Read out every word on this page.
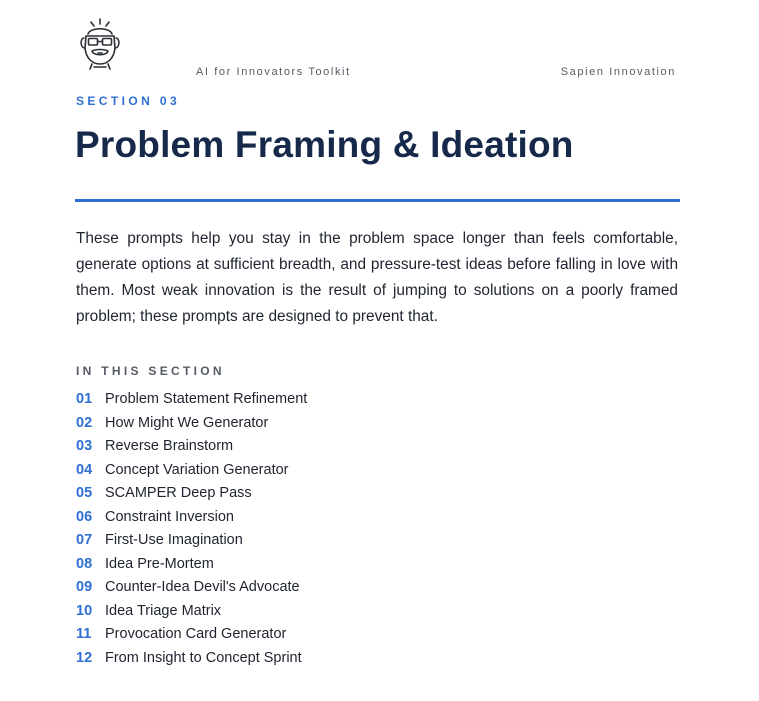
AI for Innovators Toolkit	Sapien Innovation
SECTION 03
Problem Framing & Ideation

These prompts help you stay in the problem space longer than feels comfortable, generate options at sufficient breadth, and pressure-test ideas before falling in love with them. Most weak innovation is the result of jumping to solutions on a poorly framed problem; these prompts are designed to prevent that.

IN THIS SECTION
01 Problem Statement Refinement
02 How Might We Generator
03 Reverse Brainstorm
04 Concept Variation Generator
05 SCAMPER Deep Pass
06 Constraint Inversion
07 First-Use Imagination
08 Idea Pre-Mortem
09 Counter-Idea Devil's Advocate
10 Idea Triage Matrix
11 Provocation Card Generator
12 From Insight to Concept Sprint
